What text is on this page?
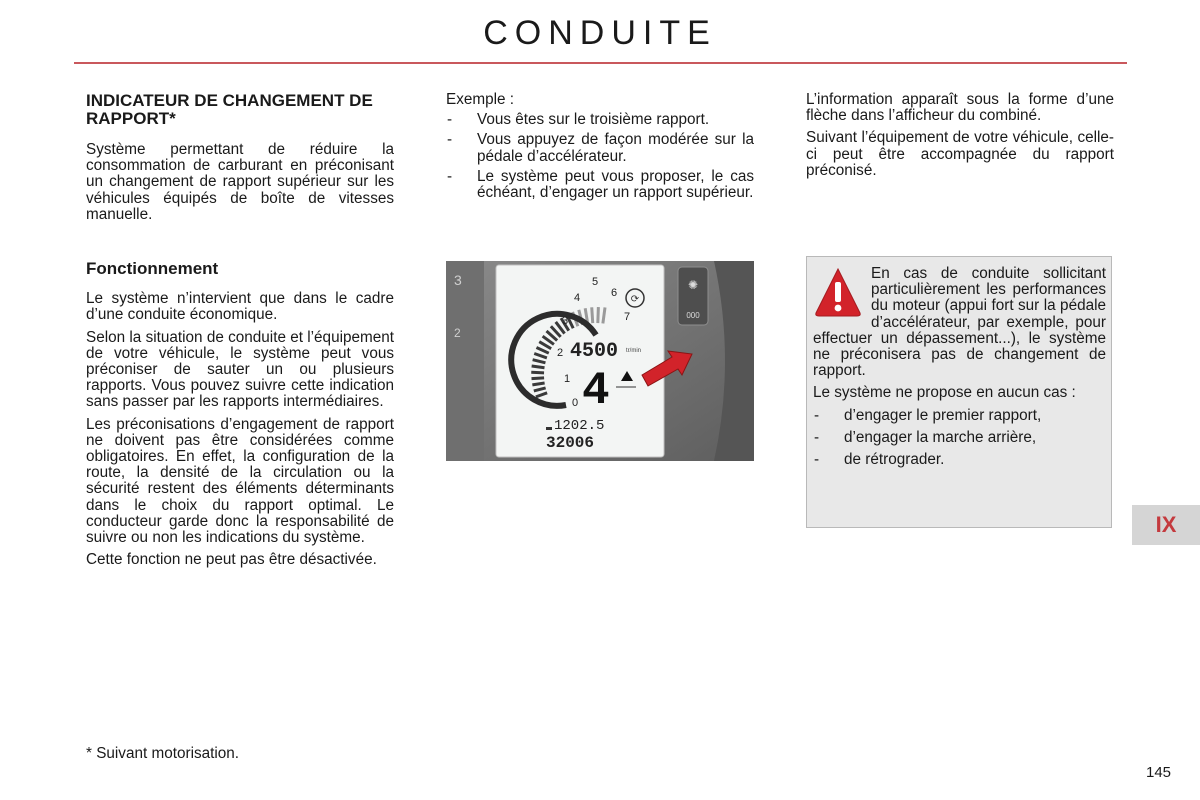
CONDUITE
INDICATEUR DE CHANGEMENT DE RAPPORT*

Système permettant de réduire la consommation de carburant en préconisant un changement de rapport supérieur sur les véhicules équipés de boîte de vitesses manuelle.

Fonctionnement

Le système n’intervient que dans le cadre d’une conduite économique.

Selon la situation de conduite et l’équipement de votre véhicule, le système peut vous préconiser de sauter un ou plusieurs rapports. Vous pouvez suivre cette indication sans passer par les rapports intermédiaires.

Les préconisations d’engagement de rapport ne doivent pas être considérées comme obligatoires. En effet, la configuration de la route, la densité de la circulation ou la sécurité restent des éléments déterminants dans le choix du rapport optimal. Le conducteur garde donc la responsabilité de suivre ou non les indications du système.

Cette fonction ne peut pas être désactivée.

Exemple :

- Vous êtes sur le troisième rapport.
- Vous appuyez de façon modérée sur la pédale d’accélérateur.
- Le système peut vous proposer, le cas échéant, d’engager un rapport supérieur.
3
2
✺
000
0
1
2
3
4
5
6
7
⟳
4500 tr/min
4
1202.5
32006

L’information apparaît sous la forme d’une flèche dans l’afficheur du combiné.

Suivant l’équipement de votre véhicule, celle-ci peut être accompagnée du rapport préconisé.

En cas de conduite sollicitant particulièrement les performances du moteur (appui fort sur la pédale d’accélérateur, par exemple, pour effectuer un dépassement...), le système ne préconisera pas de changement de rapport.

Le système ne propose en aucun cas :

- d’engager le premier rapport,
- d’engager la marche arrière,
- de rétrograder.
* Suivant motorisation.
IX
145
